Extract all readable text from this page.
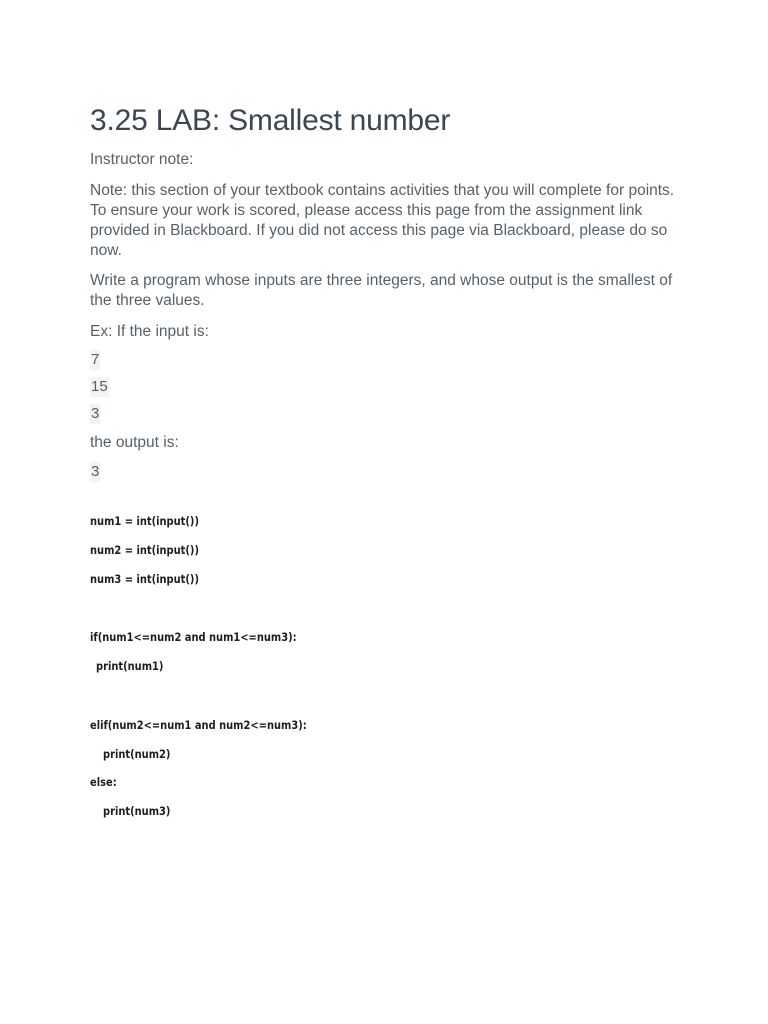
3.25 LAB: Smallest number

Instructor note:

Note: this section of your textbook contains activities that you will complete for points. To ensure your work is scored, please access this page from the assignment link provided in Blackboard. If you did not access this page via Blackboard, please do so now.

Write a program whose inputs are three integers, and whose output is the smallest of the three values.

Ex: If the input is:

7
15
3

the output is:

3
num1 = int(input())
num2 = int(input())
num3 = int(input())
if(num1<=num2 and num1<=num3):
print(num1)
elif(num2<=num1 and num2<=num3):
print(num2)
else:
print(num3)
